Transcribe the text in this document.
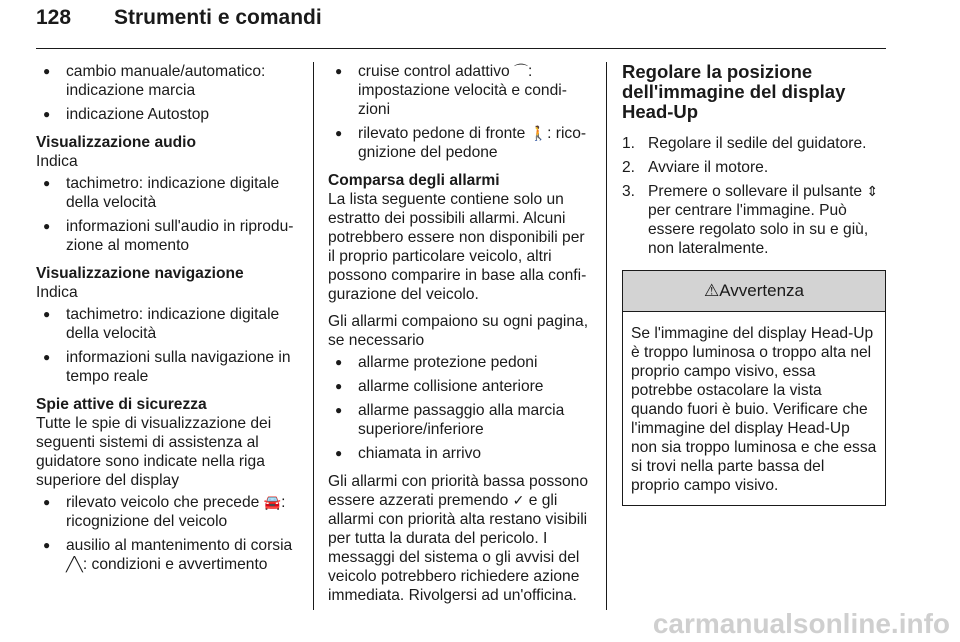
128 Strumenti e comandi
● cambio manuale/automatico: indicazione marcia
● indicazione Autostop
Visualizzazione audio

Indica

● tachimetro: indicazione digitale della velocità
● informazioni sull'audio in riproduzione al momento
Visualizzazione navigazione

Indica

● tachimetro: indicazione digitale della velocità
● informazioni sulla navigazione in tempo reale
Spie attive di sicurezza

Tutte le spie di visualizzazione dei seguenti sistemi di assistenza al guidatore sono indicate nella riga superiore del display

● rilevato veicolo che precede 🚘: ricognizione del veicolo
● ausilio al mantenimento di corsia ╱╲: condizioni e avvertimento
● cruise control adattivo ⌒: impostazione velocità e condizioni
● rilevato pedone di fronte 🚶: ricognizione del pedone
Comparsa degli allarmi

La lista seguente contiene solo un estratto dei possibili allarmi. Alcuni potrebbero essere non disponibili per il proprio particolare veicolo, altri possono comparire in base alla configurazione del veicolo.

Gli allarmi compaiono su ogni pagina, se necessario

● allarme protezione pedoni
● allarme collisione anteriore
● allarme passaggio alla marcia superiore/inferiore
● chiamata in arrivo

Gli allarmi con priorità bassa possono essere azzerati premendo ✓ e gli allarmi con priorità alta restano visibili per tutta la durata del pericolo. I messaggi del sistema o gli avvisi del veicolo potrebbero richiedere azione immediata. Rivolgersi ad un'officina.

Regolare la posizione dell'immagine del display Head-Up
1. Regolare il sedile del guidatore.
2. Avviare il motore.
3. Premere o sollevare il pulsante ⇕ per centrare l'immagine. Può essere regolato solo in su e giù, non lateralmente.
⚠Avvertenza
Se l'immagine del display Head-Up è troppo luminosa o troppo alta nel proprio campo visivo, essa potrebbe ostacolare la vista quando fuori è buio. Verificare che l'immagine del display Head-Up non sia troppo luminosa e che essa si trovi nella parte bassa del proprio campo visivo.
carmanualsonline.info
